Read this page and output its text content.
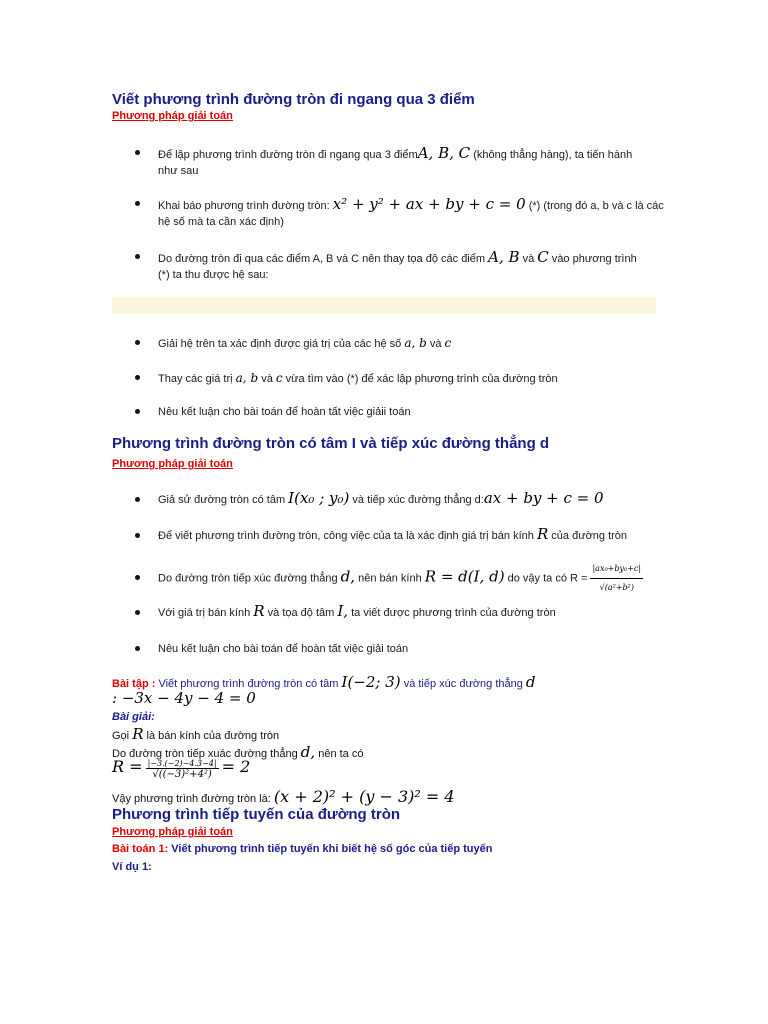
Viết phương trình đường tròn đi ngang qua 3 điểm
Phương pháp giải toán
Để lập phương trình đường tròn đi ngang qua 3 điểmA, B, C (không thẳng hàng), ta tiến hành
như sau
Khai báo phương trình đường tròn: x² + y² + ax + by + c = 0 (*) (trong đó a, b và c là các
hệ số mà ta cần xác định)
Do đường tròn đi qua các điểm A, B và C nên thay tọa độ các điểm A, B và C vào phương trình
(*) ta thu được hệ sau:
Giải hệ trên ta xác định được giá trị của các hệ số a, b và c
Thay các giá trị a, b và c vừa tìm vào (*) để xác lập phương trình của đường tròn
Nêu kết luận cho bài toán để hoàn tất việc giảii toán
Phương trình đường tròn có tâm I và tiếp xúc đường thẳng d
Phương pháp giải toán
Giả sử đường tròn có tâm I(x₀ ; y₀) và tiếp xúc đường thẳng d:ax + by + c = 0
Để viết phương trình đường tròn, công việc của ta là xác định giá trị bán kính R của đường tròn
Do đường tròn tiếp xúc đường thẳng d, nên bán kính R = d(I, d) do vậy ta có $R = \frac{\text{|ax₀+by₀+c|}}{\text{√(a²+b²)}}$
Với giá trị bán kính R và tọa độ tâm I, ta viết được phương trình của đường tròn
Nêu kết luận cho bài toán để hoàn tất việc giải toán
Bài tập : Viết phương trình đường tròn có tâm I(−2; 3) và tiếp xúc đường thẳng d
: −3x − 4y − 4 = 0
Bài giải:
Gọi R là bán kính của đường tròn
Do đường tròn tiếp xuác đường thẳng d, nên ta có
$R = \frac{|-3.(-2)-4.3-4|}{\text{√((−3)²+4²)}} = 2$
Vậy phương trình đường tròn là: (x + 2)² + (y − 3)² = 4
Phương trình tiếp tuyến của đường tròn
Phương pháp giải toán
Bài toán 1: Viết phương trình tiếp tuyến khi biết hệ số góc của tiếp tuyến
Ví dụ 1:
